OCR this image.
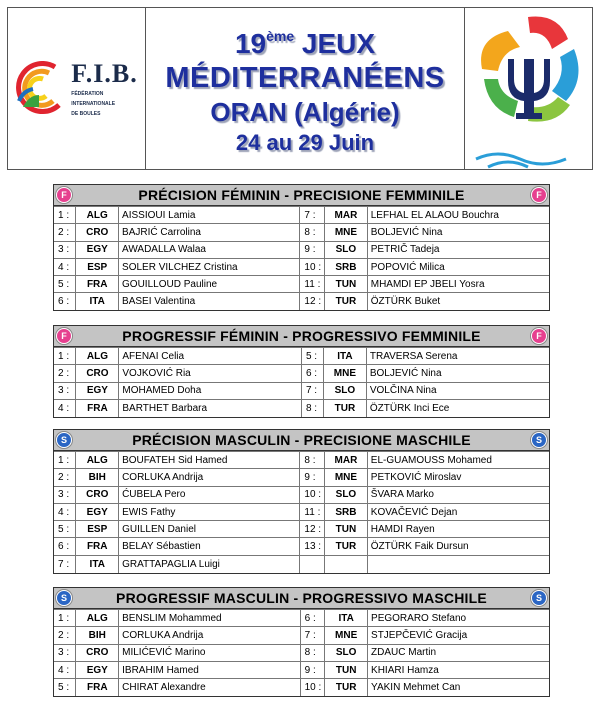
F.I.B.
FÉDÉRATION
INTERNATIONALE
DE BOULES
19ème JEUX
MÉDITERRANÉENS
ORAN (Algérie)
24 au 29 Juin
F	PRÉCISION FÉMININ - PRECISIONE FEMMINILE	F
1 :	ALG	AISSIOUI Lamia	7 :	MAR	LEFHAL EL ALAOU Bouchra
2 :	CRO	BAJRIĆ Carrolina	8 :	MNE	BOLJEVIĆ Nina
3 :	EGY	AWADALLA Walaa	9 :	SLO	PETRIČ Tadeja
4 :	ESP	SOLER VILCHEZ Cristina	10 :	SRB	POPOVIĆ Milica
5 :	FRA	GOUILLOUD Pauline	11 :	TUN	MHAMDI EP JBELI Yosra
6 :	ITA	BASEI Valentina	12 :	TUR	ÖZTÜRK Buket
F	PROGRESSIF FÉMININ - PROGRESSIVO FEMMINILE	F
1 :	ALG	AFENAI Celia	5 :	ITA	TRAVERSA Serena
2 :	CRO	VOJKOVIĆ Ria	6 :	MNE	BOLJEVIĆ Nina
3 :	EGY	MOHAMED Doha	7 :	SLO	VOLČINA Nina
4 :	FRA	BARTHET Barbara	8 :	TUR	ÖZTÜRK Inci Ece
S	PRÉCISION MASCULIN - PRECISIONE MASCHILE	S
1 :	ALG	BOUFATEH Sid Hamed	8 :	MAR	EL-GUAMOUSS Mohamed
2 :	BIH	CORLUKA Andrija	9 :	MNE	PETKOVIĆ Miroslav
3 :	CRO	ĆUBELA Pero	10 :	SLO	ŠVARA Marko
4 :	EGY	EWIS Fathy	11 :	SRB	KOVAČEVIĆ Dejan
5 :	ESP	GUILLEN Daniel	12 :	TUN	HAMDI Rayen
6 :	FRA	BELAY Sébastien	13 :	TUR	ÖZTÜRK Faik Dursun
7 :	ITA	GRATTAPAGLIA Luigi			
S	PROGRESSIF MASCULIN - PROGRESSIVO MASCHILE	S
1 :	ALG	BENSLIM Mohammed	6 :	ITA	PEGORARO Stefano
2 :	BIH	CORLUKA Andrija	7 :	MNE	STJEPČEVIĆ Gracija
3 :	CRO	MILIĆEVIĆ Marino	8 :	SLO	ZDAUC Martin
4 :	EGY	IBRAHIM Hamed	9 :	TUN	KHIARI Hamza
5 :	FRA	CHIRAT Alexandre	10 :	TUR	YAKIN Mehmet Can
